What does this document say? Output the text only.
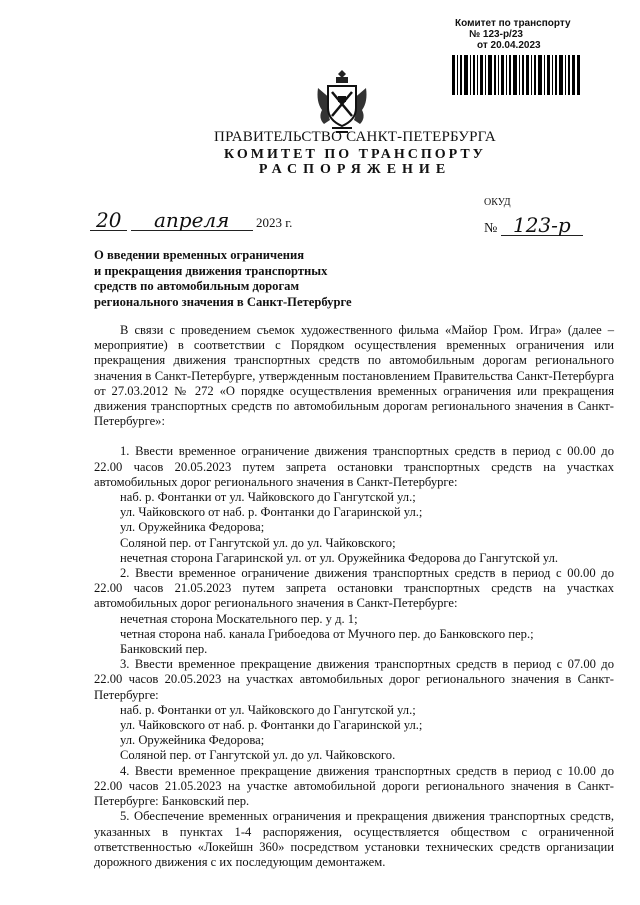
Комитет по транспорту
№ 123-р/23
от 20.04.2023
ПРАВИТЕЛЬСТВО САНКТ-ПЕТЕРБУРГА
КОМИТЕТ ПО ТРАНСПОРТУ
РАСПОРЯЖЕНИЕ
ОКУД
20 апреля 2023 г.	№ 123-р
О введении временных ограничения
и прекращения движения транспортных
средств по автомобильным дорогам
регионального значения в Санкт-Петербурге

В связи с проведением съемок художественного фильма «Майор Гром. Игра» (далее – мероприятие) в соответствии с Порядком осуществления временных ограничения или прекращения движения транспортных средств по автомобильным дорогам регионального значения в Санкт-Петербурге, утвержденным постановлением Правительства Санкт-Петербурга от 27.03.2012 № 272 «О порядке осуществления временных ограничения или прекращения движения транспортных средств по автомобильным дорогам регионального значения в Санкт-Петербурге»:

1. Ввести временное ограничение движения транспортных средств в период с 00.00 до 22.00 часов 20.05.2023 путем запрета остановки транспортных средств на участках автомобильных дорог регионального значения в Санкт-Петербурге:

наб. р. Фонтанки от ул. Чайковского до Гангутской ул.;

ул. Чайковского от наб. р. Фонтанки до Гагаринской ул.;

ул. Оружейника Федорова;

Соляной пер. от Гангутской ул. до ул. Чайковского;

нечетная сторона Гагаринской ул. от ул. Оружейника Федорова до Гангутской ул.

2. Ввести временное ограничение движения транспортных средств в период с 00.00 до 22.00 часов 21.05.2023 путем запрета остановки транспортных средств на участках автомобильных дорог регионального значения в Санкт-Петербурге:

нечетная сторона Москательного пер. у д. 1;

четная сторона наб. канала Грибоедова от Мучного пер. до Банковского пер.;

Банковский пер.

3. Ввести временное прекращение движения транспортных средств в период с 07.00 до 22.00 часов 20.05.2023 на участках автомобильных дорог регионального значения в Санкт-Петербурге:

наб. р. Фонтанки от ул. Чайковского до Гангутской ул.;

ул. Чайковского от наб. р. Фонтанки до Гагаринской ул.;

ул. Оружейника Федорова;

Соляной пер. от Гангутской ул. до ул. Чайковского.

4. Ввести временное прекращение движения транспортных средств в период с 10.00 до 22.00 часов 21.05.2023 на участке автомобильной дороги регионального значения в Санкт-Петербурге: Банковский пер.

5. Обеспечение временных ограничения и прекращения движения транспортных средств, указанных в пунктах 1-4 распоряжения, осуществляется обществом с ограниченной ответственностью «Локейшн 360» посредством установки технических средств организации дорожного движения с их последующим демонтажем.
